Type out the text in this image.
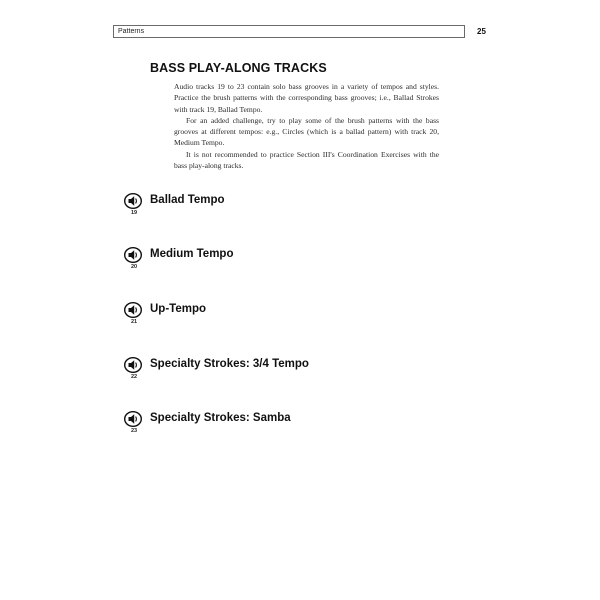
Patterns	25
BASS PLAY-ALONG TRACKS

Audio tracks 19 to 23 contain solo bass grooves in a variety of tempos and styles. Practice the brush patterns with the corresponding bass grooves; i.e., Ballad Strokes with track 19, Ballad Tempo.

For an added challenge, try to play some of the brush patterns with the bass grooves at different tempos: e.g., Circles (which is a ballad pattern) with track 20, Medium Tempo.

It is not recommended to practice Section III's Coordination Exercises with the bass play-along tracks.

19
Ballad Tempo
20
Medium Tempo
21
Up-Tempo
22
Specialty Strokes: 3/4 Tempo
23
Specialty Strokes: Samba
